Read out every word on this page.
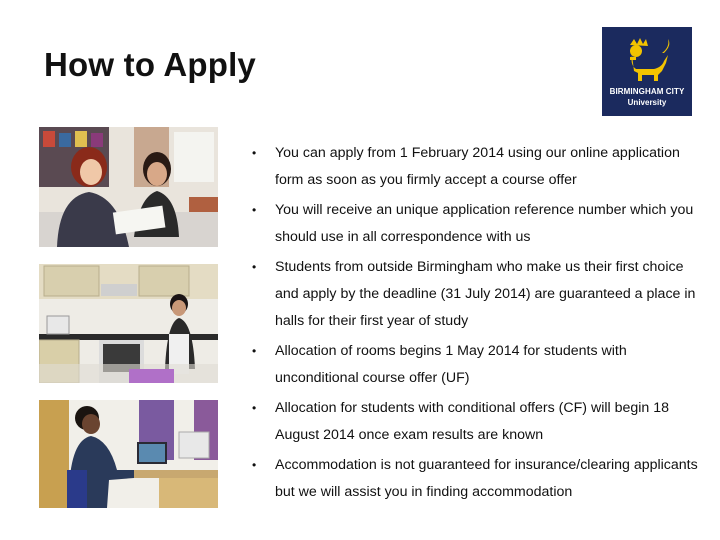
How to Apply
BIRMINGHAM CITY
University
• You can apply from 1 February 2014 using our online application form as soon as you firmly accept a course offer
• You will receive an unique application reference number which you should use in all correspondence with us
• Students from outside Birmingham who make us their first choice and apply by the deadline (31 July 2014) are guaranteed a place in halls for their first year of study
• Allocation of rooms begins 1 May 2014 for students with unconditional course offer (UF)
• Allocation for students with conditional offers (CF) will begin 18 August 2014 once exam results are known
• Accommodation is not guaranteed for insurance/clearing applicants but we will assist you in finding accommodation
